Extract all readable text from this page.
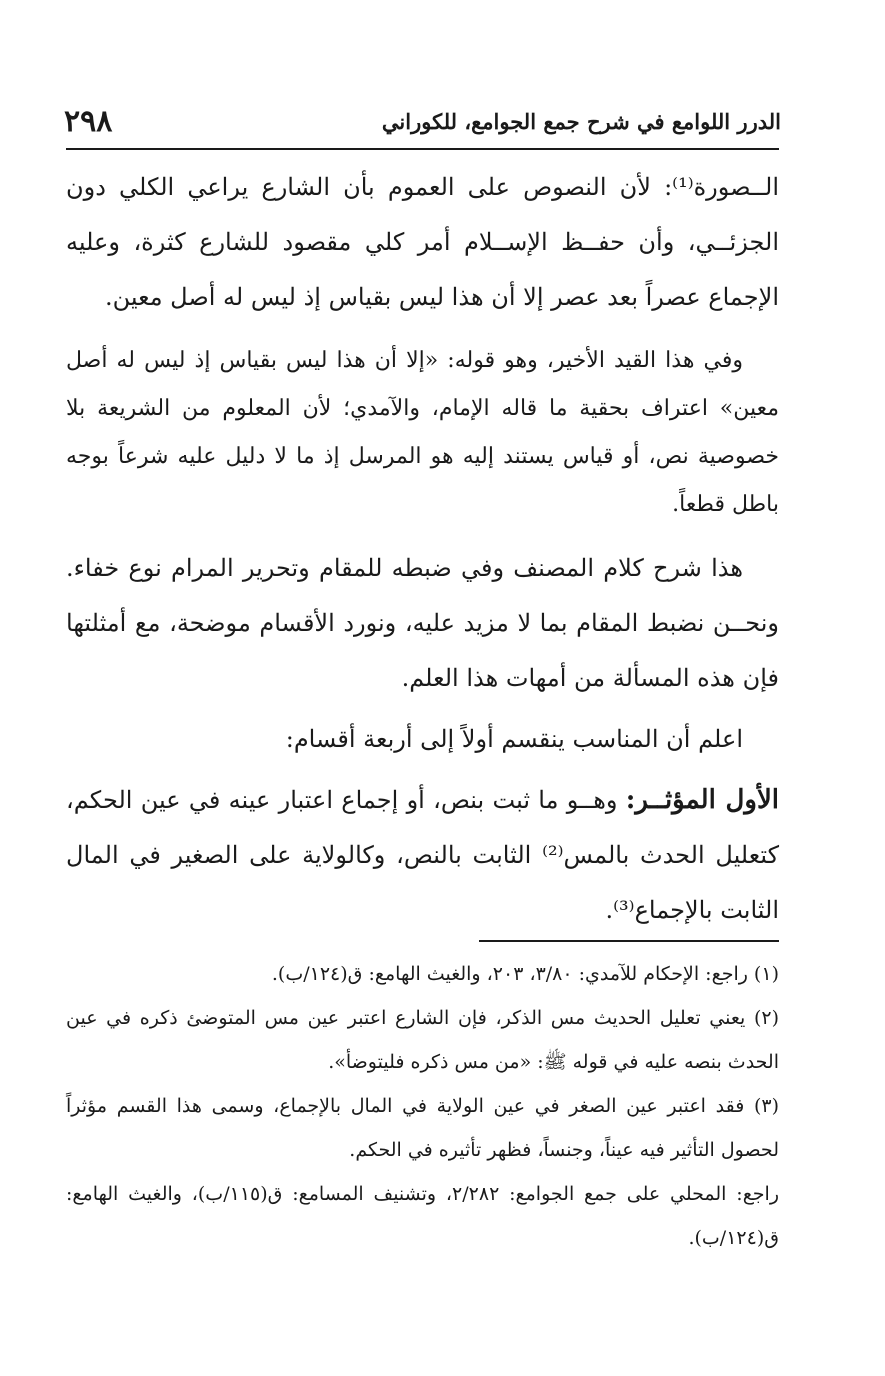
الدرر اللوامع في شرح جمع الجوامع، للكوراني
٢٩٨

الــصورة⁽¹⁾: لأن النصوص على العموم بأن الشارع يراعي الكلي دون الجزئــي، وأن حفــظ الإســلام أمر كلي مقصود للشارع كثرة، وعليه الإجماع عصراً بعد عصر إلا أن هذا ليس بقياس إذ ليس له أصل معين.

وفي هذا القيد الأخير، وهو قوله: «إلا أن هذا ليس بقياس إذ ليس له أصل معين» اعتراف بحقية ما قاله الإمام، والآمدي؛ لأن المعلوم من الشريعة بلا خصوصية نص، أو قياس يستند إليه هو المرسل إذ ما لا دليل عليه شرعاً بوجه باطل قطعاً.

هذا شرح كلام المصنف وفي ضبطه للمقام وتحرير المرام نوع خفاء. ونحــن نضبط المقام بما لا مزيد عليه، ونورد الأقسام موضحة، مع أمثلتها فإن هذه المسألة من أمهات هذا العلم.

اعلم أن المناسب ينقسم أولاً إلى أربعة أقسام:

الأول المؤثــر: وهــو ما ثبت بنص، أو إجماع اعتبار عينه في عين الحكم، كتعليل الحدث بالمس⁽²⁾ الثابت بالنص، وكالولاية على الصغير في المال الثابت بالإجماع⁽³⁾.

(١) راجع: الإحكام للآمدي: ٣/٨٠، ٢٠٣، والغيث الهامع: ق(١٢٤/ب).

(٢) يعني تعليل الحديث مس الذكر، فإن الشارع اعتبر عين مس المتوضئ ذكره في عين الحدث بنصه عليه في قوله ﷺ: «من مس ذكره فليتوضأ».

(٣) فقد اعتبر عين الصغر في عين الولاية في المال بالإجماع، وسمى هذا القسم مؤثراً لحصول التأثير فيه عيناً، وجنساً، فظهر تأثيره في الحكم.

راجع: المحلي على جمع الجوامع: ٢/٢٨٢، وتشنيف المسامع: ق(١١٥/ب)، والغيث الهامع: ق(١٢٤/ب).
